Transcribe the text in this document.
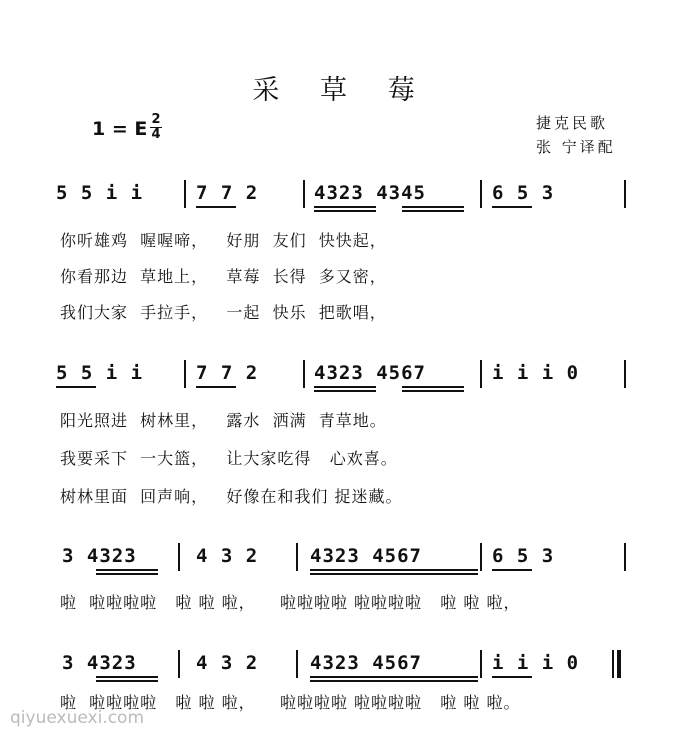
采 草 莓
1 = E 2
4
捷克民歌
张 宁译配
5 5 i i	7 7 2	4323 4345	6 5 3
你听雄鸡  喔喔啼，   好朋  友们  快快起，
你看那边  草地上，   草莓  长得  多又密，
我们大家  手拉手，   一起  快乐  把歌唱，
5 5 i i	7 7 2	4323 4567	i i i 0
阳光照进  树林里，   露水  洒满  青草地。
我要采下  一大篮，   让大家吃得   心欢喜。
树林里面  回声响，   好像在和我们 捉迷藏。
3 4323	4 3 2	4323 4567	6 5 3
啦  啦啦啦啦   啦 啦 啦，    啦啦啦啦 啦啦啦啦   啦 啦 啦，
3 4323	4 3 2	4323 4567	i i i 0
啦  啦啦啦啦   啦 啦 啦，    啦啦啦啦 啦啦啦啦   啦 啦 啦。
qiyuexuexi.com
